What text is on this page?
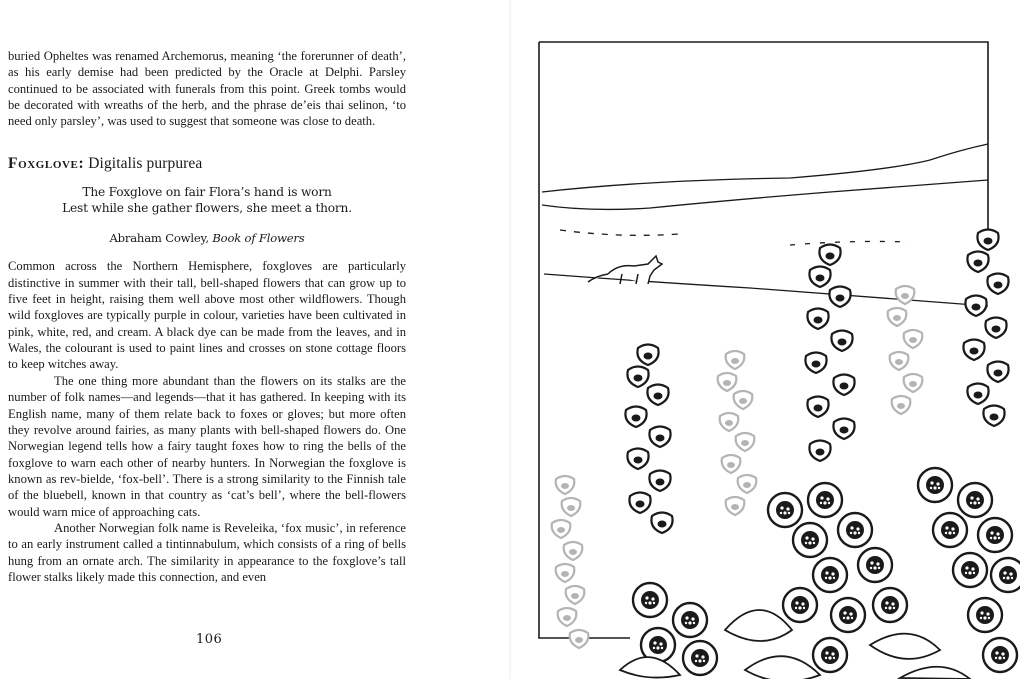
buried Opheltes was renamed Archemorus, meaning ‘the forerunner of death’, as his early demise had been predicted by the Oracle at Delphi. Parsley continued to be associated with funerals from this point. Greek tombs would be decorated with wreaths of the herb, and the phrase de’eis thai selinon, ‘to need only parsley’, was used to suggest that someone was close to death.

Foxglove: Digitalis purpurea
The Foxglove on fair Flora’s hand is worn
Lest while she gather flowers, she meet a thorn.
Abraham Cowley, Book of Flowers

Common across the Northern Hemisphere, foxgloves are particularly distinctive in summer with their tall, bell-shaped flowers that can grow up to five feet in height, raising them well above most other wildflowers. Though wild foxgloves are typically purple in colour, varieties have been cultivated in pink, white, red, and cream. A black dye can be made from the leaves, and in Wales, the colourant is used to paint lines and crosses on stone cottage floors to keep witches away.

The one thing more abundant than the flowers on its stalks are the number of folk names—and legends—that it has gathered. In keeping with its English name, many of them relate back to foxes or gloves; but more often they revolve around fairies, as many plants with bell-shaped flowers do. One Norwegian legend tells how a fairy taught foxes how to ring the bells of the foxglove to warn each other of nearby hunters. In Norwegian the foxglove is known as rev-bielde, ‘fox-bell’. There is a strong similarity to the Finnish tale of the bluebell, known in that country as ‘cat’s bell’, where the bell-flowers would warn mice of approaching cats.

Another Norwegian folk name is Reveleika, ‘fox music’, in reference to an early instrument called a tintinnabulum, which consists of a ring of bells hung from an ornate arch. The similarity in appearance to the foxglove’s tall flower stalks likely made this connection, and even

106
